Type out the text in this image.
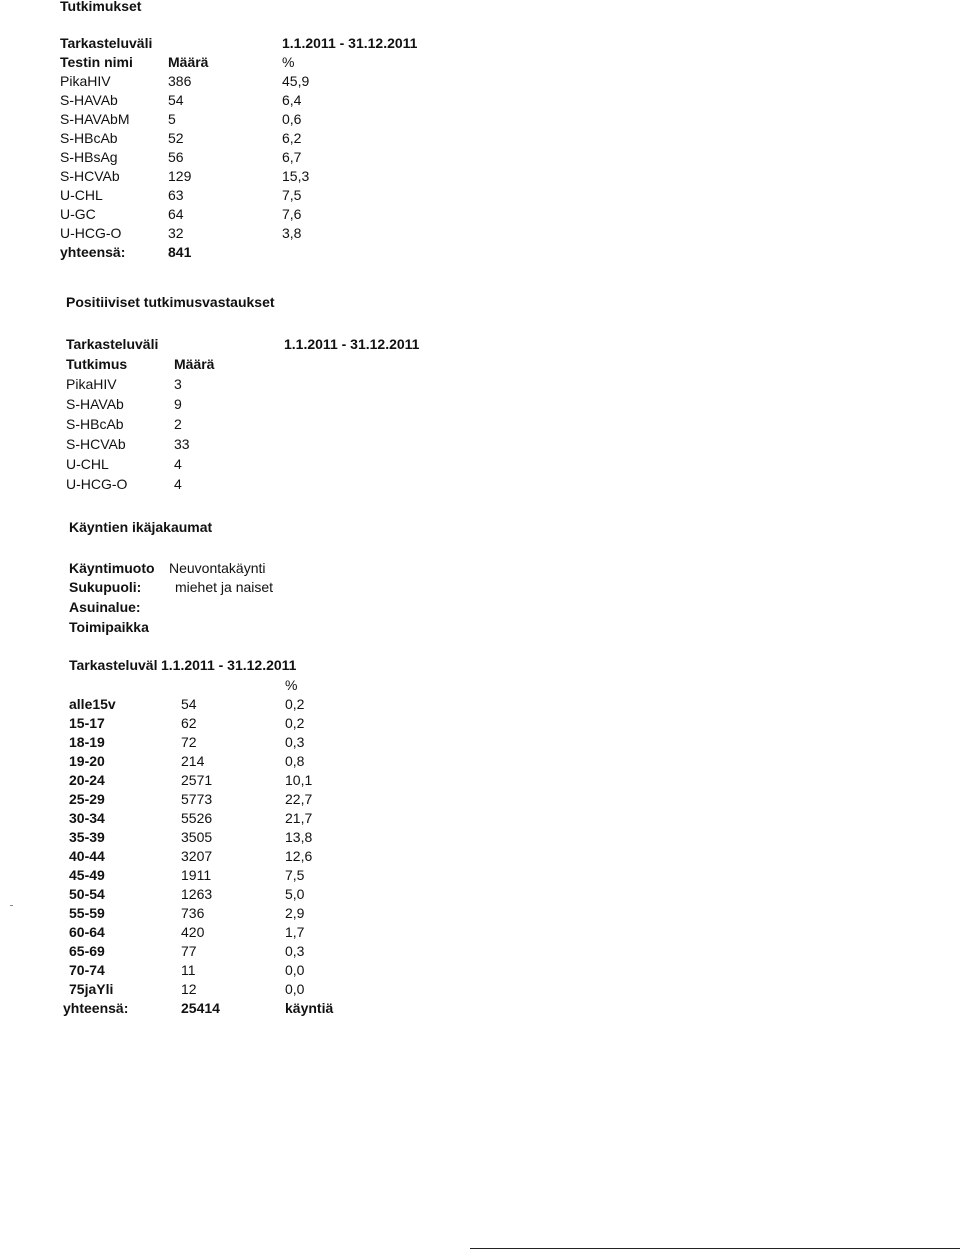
Tutkimukset
Tarkasteluväli	1.1.2011 - 31.12.2011
Testin nimi	Määrä	%
PikaHIV	386	45,9
S-HAVAb	54	6,4
S-HAVAbM	5	0,6
S-HBcAb	52	6,2
S-HBsAg	56	6,7
S-HCVAb	129	15,3
U-CHL	63	7,5
U-GC	64	7,6
U-HCG-O	32	3,8
yhteensä:	841
Positiiviset tutkimusvastaukset
Tarkasteluväli	1.1.2011 - 31.12.2011
Tutkimus	Määrä
PikaHIV	3
S-HAVAb	9
S-HBcAb	2
S-HCVAb	33
U-CHL	4
U-HCG-O	4
Käyntien ikäjakaumat
Käyntimuoto Neuvontakäynti
Sukupuoli: miehet ja naiset
Asuinalue:
Toimipaikka
Tarkasteluväl 1.1.2011 - 31.12.2011
%
alle15v	54	0,2
15-17	62	0,2
18-19	72	0,3
19-20	214	0,8
20-24	2571	10,1
25-29	5773	22,7
30-34	5526	21,7
35-39	3505	13,8
40-44	3207	12,6
45-49	1911	7,5
50-54	1263	5,0
55-59	736	2,9
60-64	420	1,7
65-69	77	0,3
70-74	11	0,0
75jaYli	12	0,0
yhteensä:	25414	käyntiä
